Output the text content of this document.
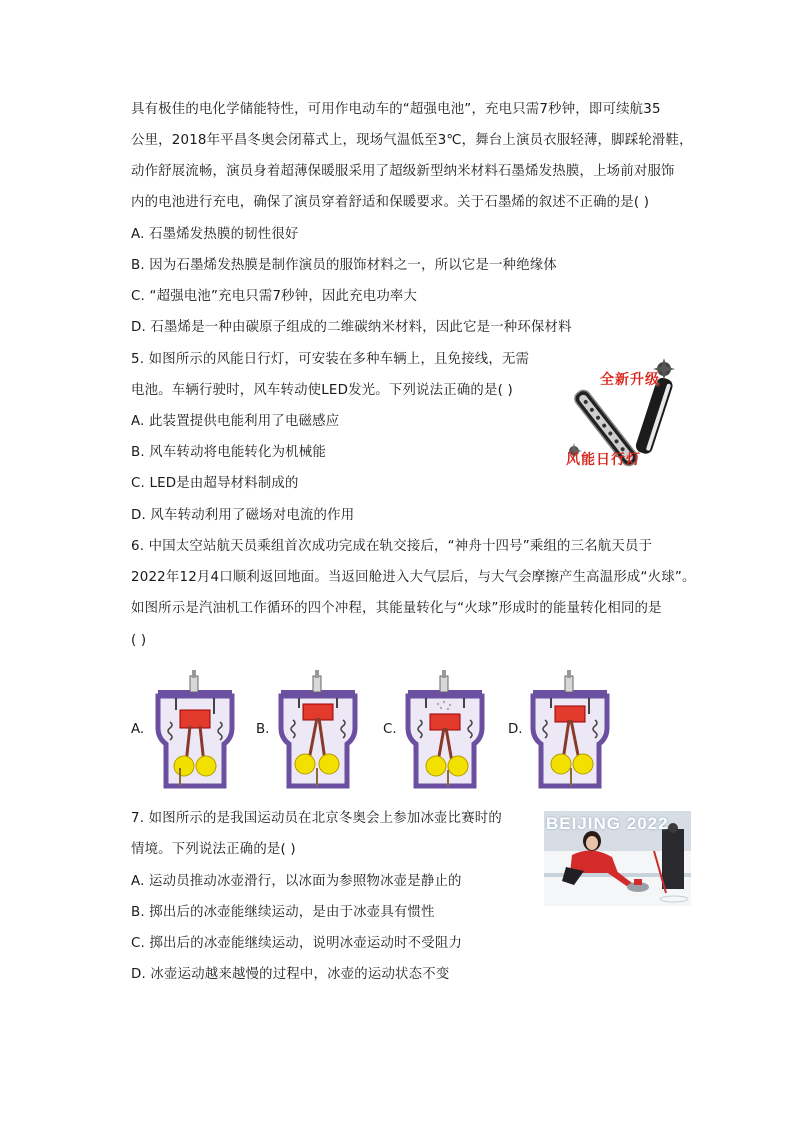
具有极佳的电化学储能特性，可用作电动车的“超强电池”，充电只需7秒钟，即可续航35
公里，2018年平昌冬奥会闭幕式上，现场气温低至3℃，舞台上演员衣服轻薄，脚踩轮滑鞋，
动作舒展流畅，演员身着超薄保暖服采用了超级新型纳米材料石墨烯发热膜，上场前对服饰
内的电池进行充电，确保了演员穿着舒适和保暖要求。关于石墨烯的叙述不正确的是( )
A. 石墨烯发热膜的韧性很好
B. 因为石墨烯发热膜是制作演员的服饰材料之一，所以它是一种绝缘体
C. “超强电池”充电只需7秒钟，因此充电功率大
D. 石墨烯是一种由碳原子组成的二维碳纳米材料，因此它是一种环保材料
5. 如图所示的风能日行灯，可安装在多种车辆上，且免接线，无需
电池。车辆行驶时，风车转动使LED发光。下列说法正确的是( )
A. 此装置提供电能利用了电磁感应
B. 风车转动将电能转化为机械能
C. LED是由超导材料制成的
D. 风车转动利用了磁场对电流的作用
全新升级
风能日行灯
6. 中国太空站航天员乘组首次成功完成在轨交接后，“神舟十四号”乘组的三名航天员于
2022年12月4口顺利返回地面。当返回舱进入大气层后，与大气会摩擦产生高温形成“火球”。
如图所示是汽油机工作循环的四个冲程，其能量转化与“火球”形成时的能量转化相同的是
( )
A.	B.	C.	D.
7. 如图所示的是我国运动员在北京冬奥会上参加冰壶比赛时的
情境。下列说法正确的是( )
A. 运动员推动冰壶滑行，以冰面为参照物冰壶是静止的
B. 掷出后的冰壶能继续运动，是由于冰壶具有惯性
C. 掷出后的冰壶能继续运动，说明冰壶运动时不受阻力
D. 冰壶运动越来越慢的过程中，冰壶的运动状态不变
BEIJING 2022
